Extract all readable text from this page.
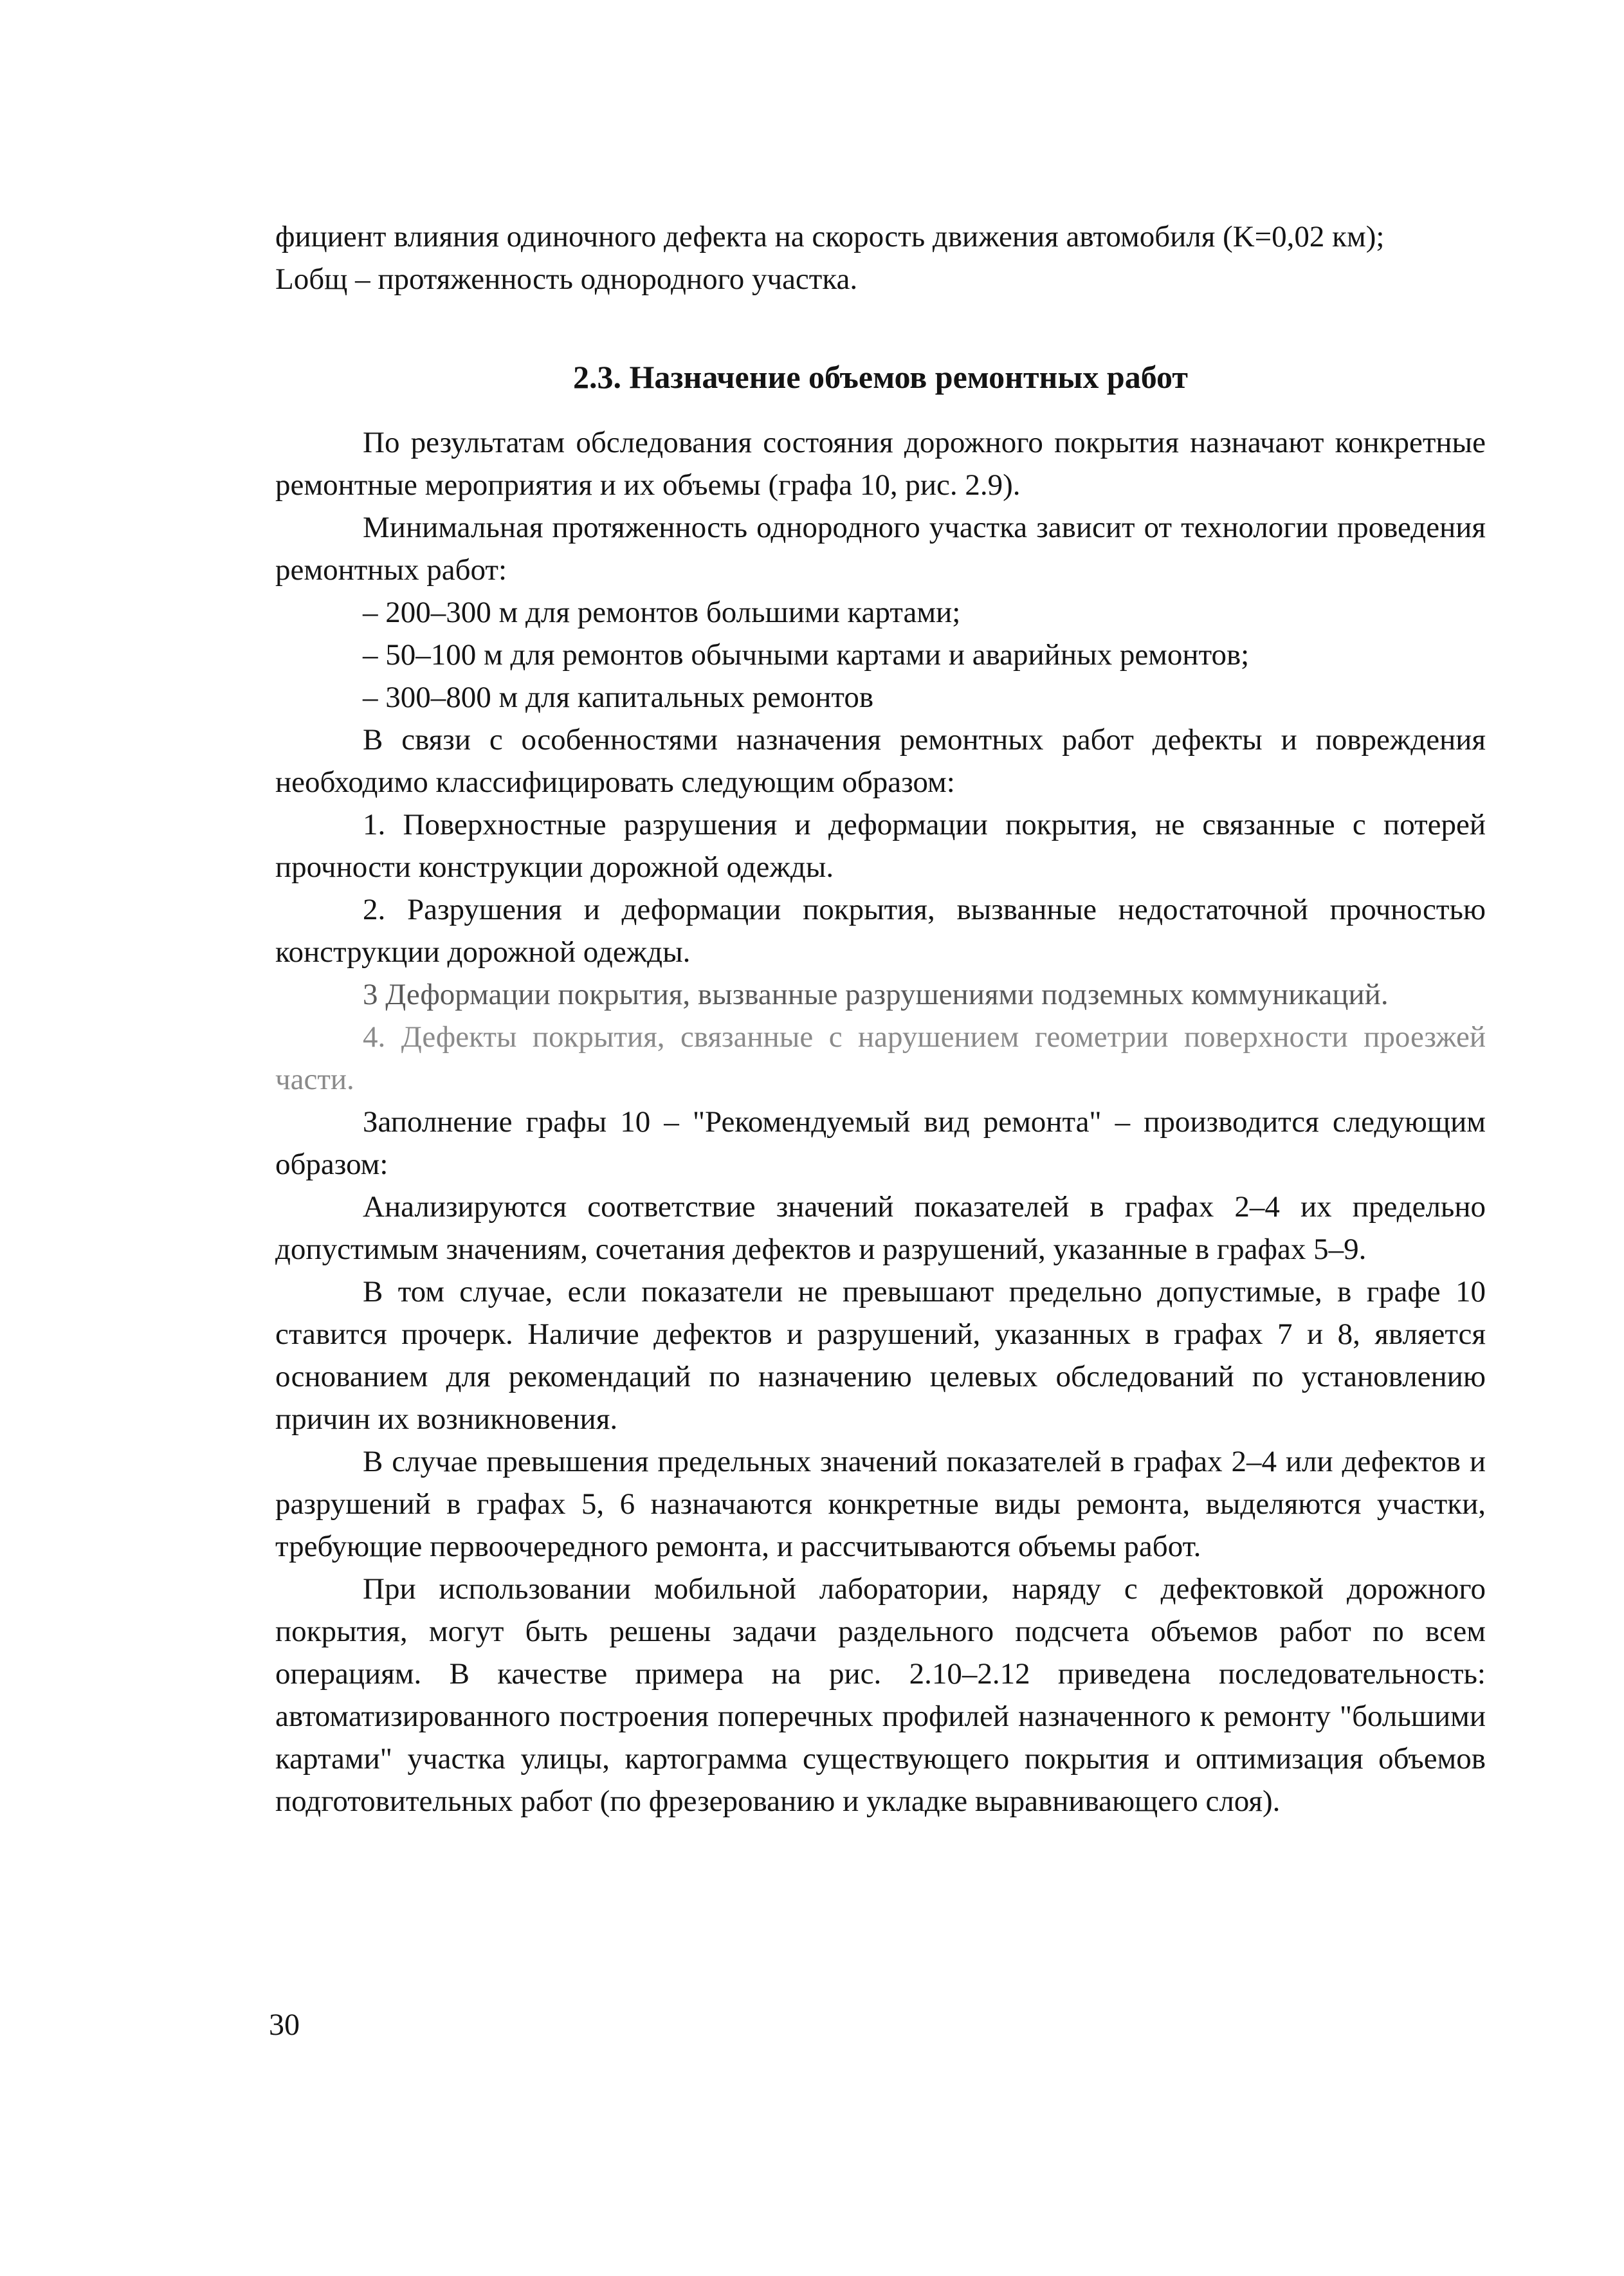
фициент влияния одиночного дефекта на скорость движения автомобиля (K=0,02 км);

Lобщ – протяженность однородного участка.

2.3. Назначение объемов ремонтных работ

По результатам обследования состояния дорожного покрытия назначают конкретные ремонтные мероприятия и их объемы (графа 10, рис. 2.9).

Минимальная протяженность однородного участка зависит от технологии проведения ремонтных работ:

– 200–300 м для ремонтов большими картами;

– 50–100 м для ремонтов обычными картами и аварийных ремонтов;

– 300–800 м для капитальных ремонтов

В связи с особенностями назначения ремонтных работ дефекты и повреждения необходимо классифицировать следующим образом:

1. Поверхностные разрушения и деформации покрытия, не связанные с потерей прочности конструкции дорожной одежды.

2. Разрушения и деформации покрытия, вызванные недостаточной прочностью конструкции дорожной одежды.

3 Деформации покрытия, вызванные разрушениями подземных коммуникаций.

4. Дефекты покрытия, связанные с нарушением геометрии поверхности проезжей части.

Заполнение графы 10 – "Рекомендуемый вид ремонта" – производится следующим образом:

Анализируются соответствие значений показателей в графах 2–4 их предельно допустимым значениям, сочетания дефектов и разрушений, указанные в графах 5–9.

В том случае, если показатели не превышают предельно допустимые, в графе 10 ставится прочерк. Наличие дефектов и разрушений, указанных в графах 7 и 8, является основанием для рекомендаций по назначению целевых обследований по установлению причин их возникновения.

В случае превышения предельных значений показателей в графах 2–4 или дефектов и разрушений в графах 5, 6 назначаются конкретные виды ремонта, выделяются участки, требующие первоочередного ремонта, и рассчитываются объемы работ.

При использовании мобильной лаборатории, наряду с дефектовкой дорожного покрытия, могут быть решены задачи раздельного подсчета объемов работ по всем операциям. В качестве примера на рис. 2.10–2.12 приведена последовательность: автоматизированного построения поперечных профилей назначенного к ремонту "большими картами" участка улицы, картограмма существующего покрытия и оптимизация объемов подготовительных работ (по фрезерованию и укладке выравнивающего слоя).

30
